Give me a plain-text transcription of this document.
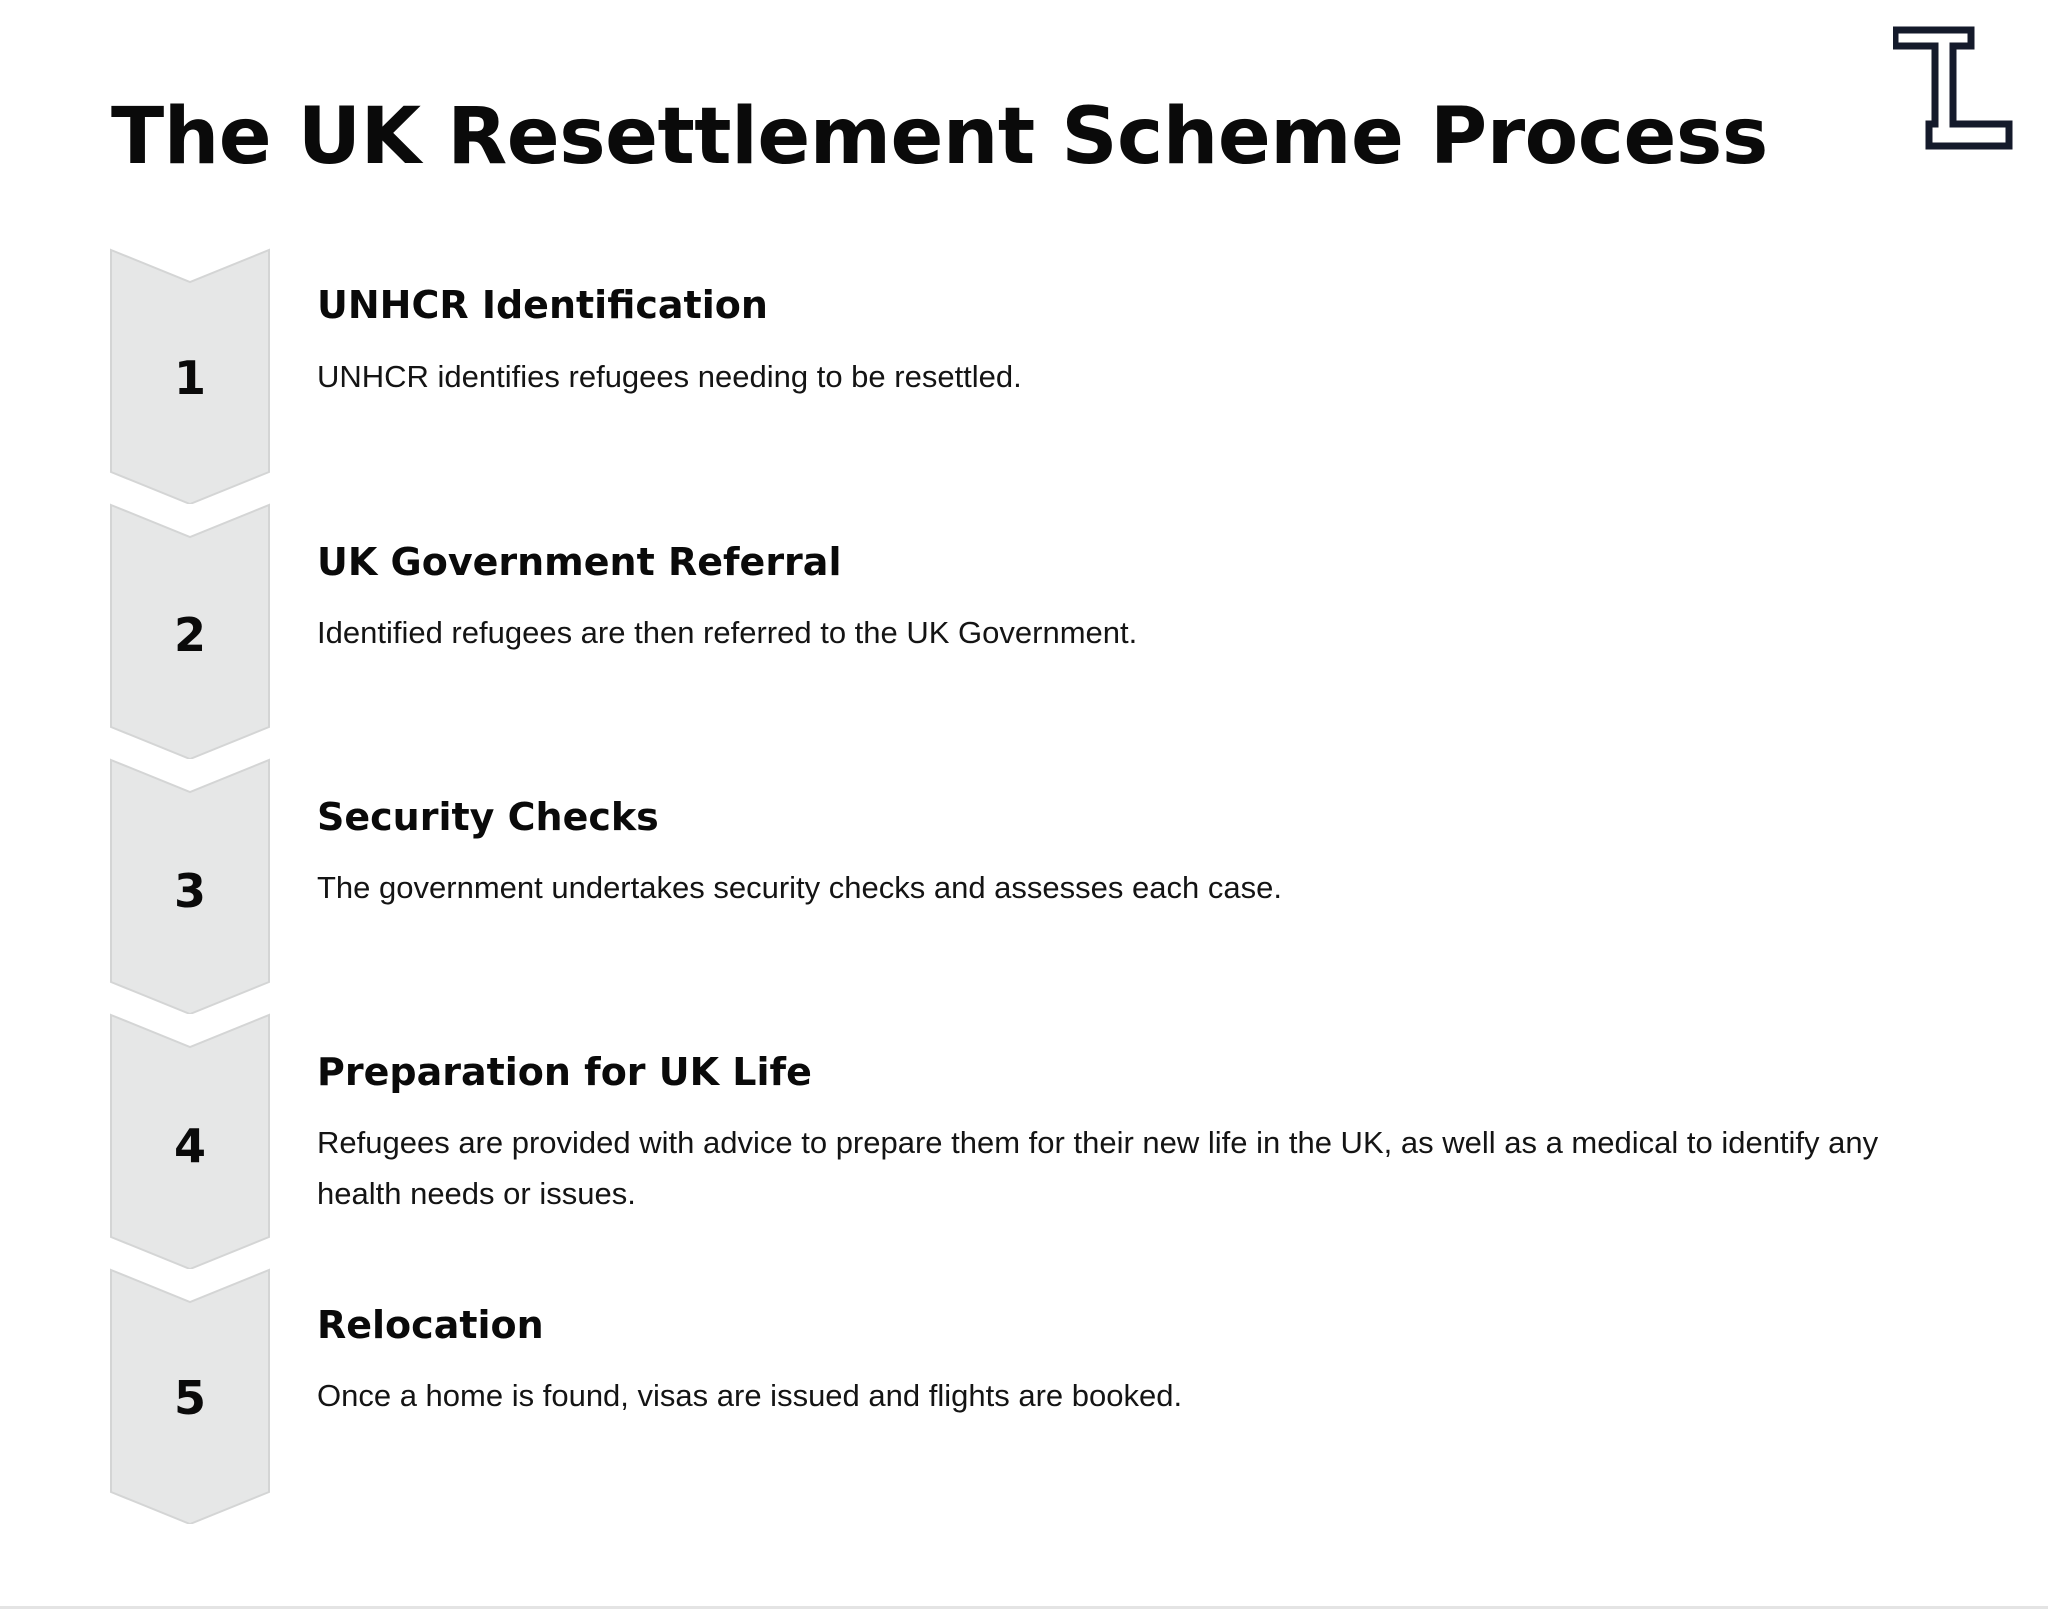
The UK Resettlement Scheme Process
1
UNHCR Identification

UNHCR identifies refugees needing to be resettled.

2
UK Government Referral

Identified refugees are then referred to the UK Government.

3
Security Checks

The government undertakes security checks and assesses each case.

4
Preparation for UK Life

Refugees are provided with advice to prepare them for their new life in the UK, as well as a medical to identify any health needs or issues.

5
Relocation

Once a home is found, visas are issued and flights are booked.
